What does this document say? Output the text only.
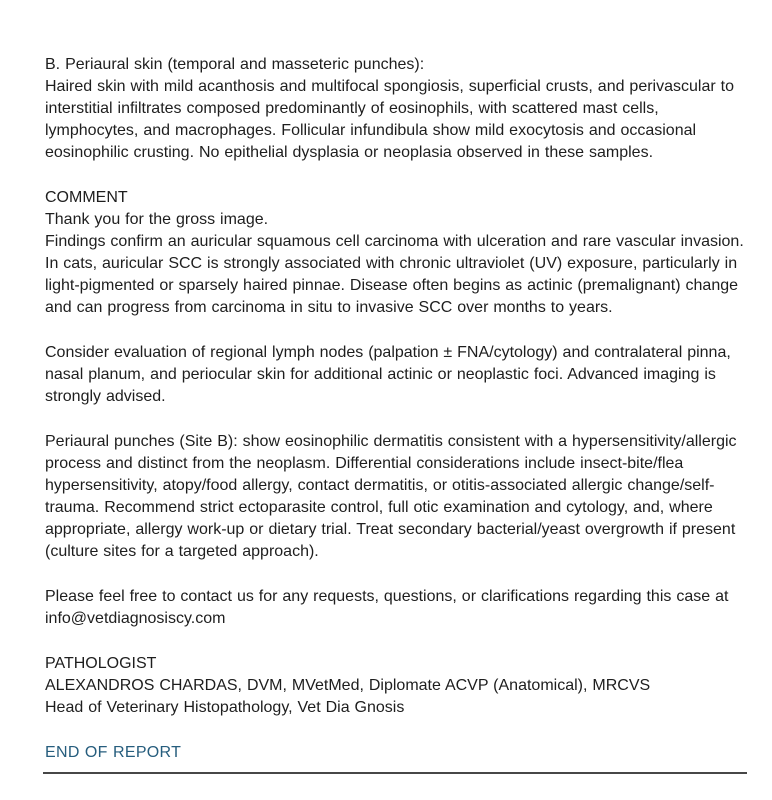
B. Periaural skin (temporal and masseteric punches):

Haired skin with mild acanthosis and multifocal spongiosis, superficial crusts, and perivascular to interstitial infiltrates composed predominantly of eosinophils, with scattered mast cells, lymphocytes, and macrophages. Follicular infundibula show mild exocytosis and occasional eosinophilic crusting. No epithelial dysplasia or neoplasia observed in these samples.

COMMENT

Thank you for the gross image.

Findings confirm an auricular squamous cell carcinoma with ulceration and rare vascular invasion. In cats, auricular SCC is strongly associated with chronic ultraviolet (UV) exposure, particularly in light-pigmented or sparsely haired pinnae. Disease often begins as actinic (premalignant) change and can progress from carcinoma in situ to invasive SCC over months to years.

Consider evaluation of regional lymph nodes (palpation ± FNA/cytology) and contralateral pinna, nasal planum, and periocular skin for additional actinic or neoplastic foci. Advanced imaging is strongly advised.

Periaural punches (Site B): show eosinophilic dermatitis consistent with a hypersensitivity/allergic process and distinct from the neoplasm. Differential considerations include insect-bite/flea hypersensitivity, atopy/food allergy, contact dermatitis, or otitis-associated allergic change/self-trauma. Recommend strict ectoparasite control, full otic examination and cytology, and, where appropriate, allergy work-up or dietary trial. Treat secondary bacterial/yeast overgrowth if present (culture sites for a targeted approach).

Please feel free to contact us for any requests, questions, or clarifications regarding this case at info@vetdiagnosiscy.com

PATHOLOGIST

ALEXANDROS CHARDAS, DVM, MVetMed, Diplomate ACVP (Anatomical), MRCVS

Head of Veterinary Histopathology, Vet Dia Gnosis

END OF REPORT
